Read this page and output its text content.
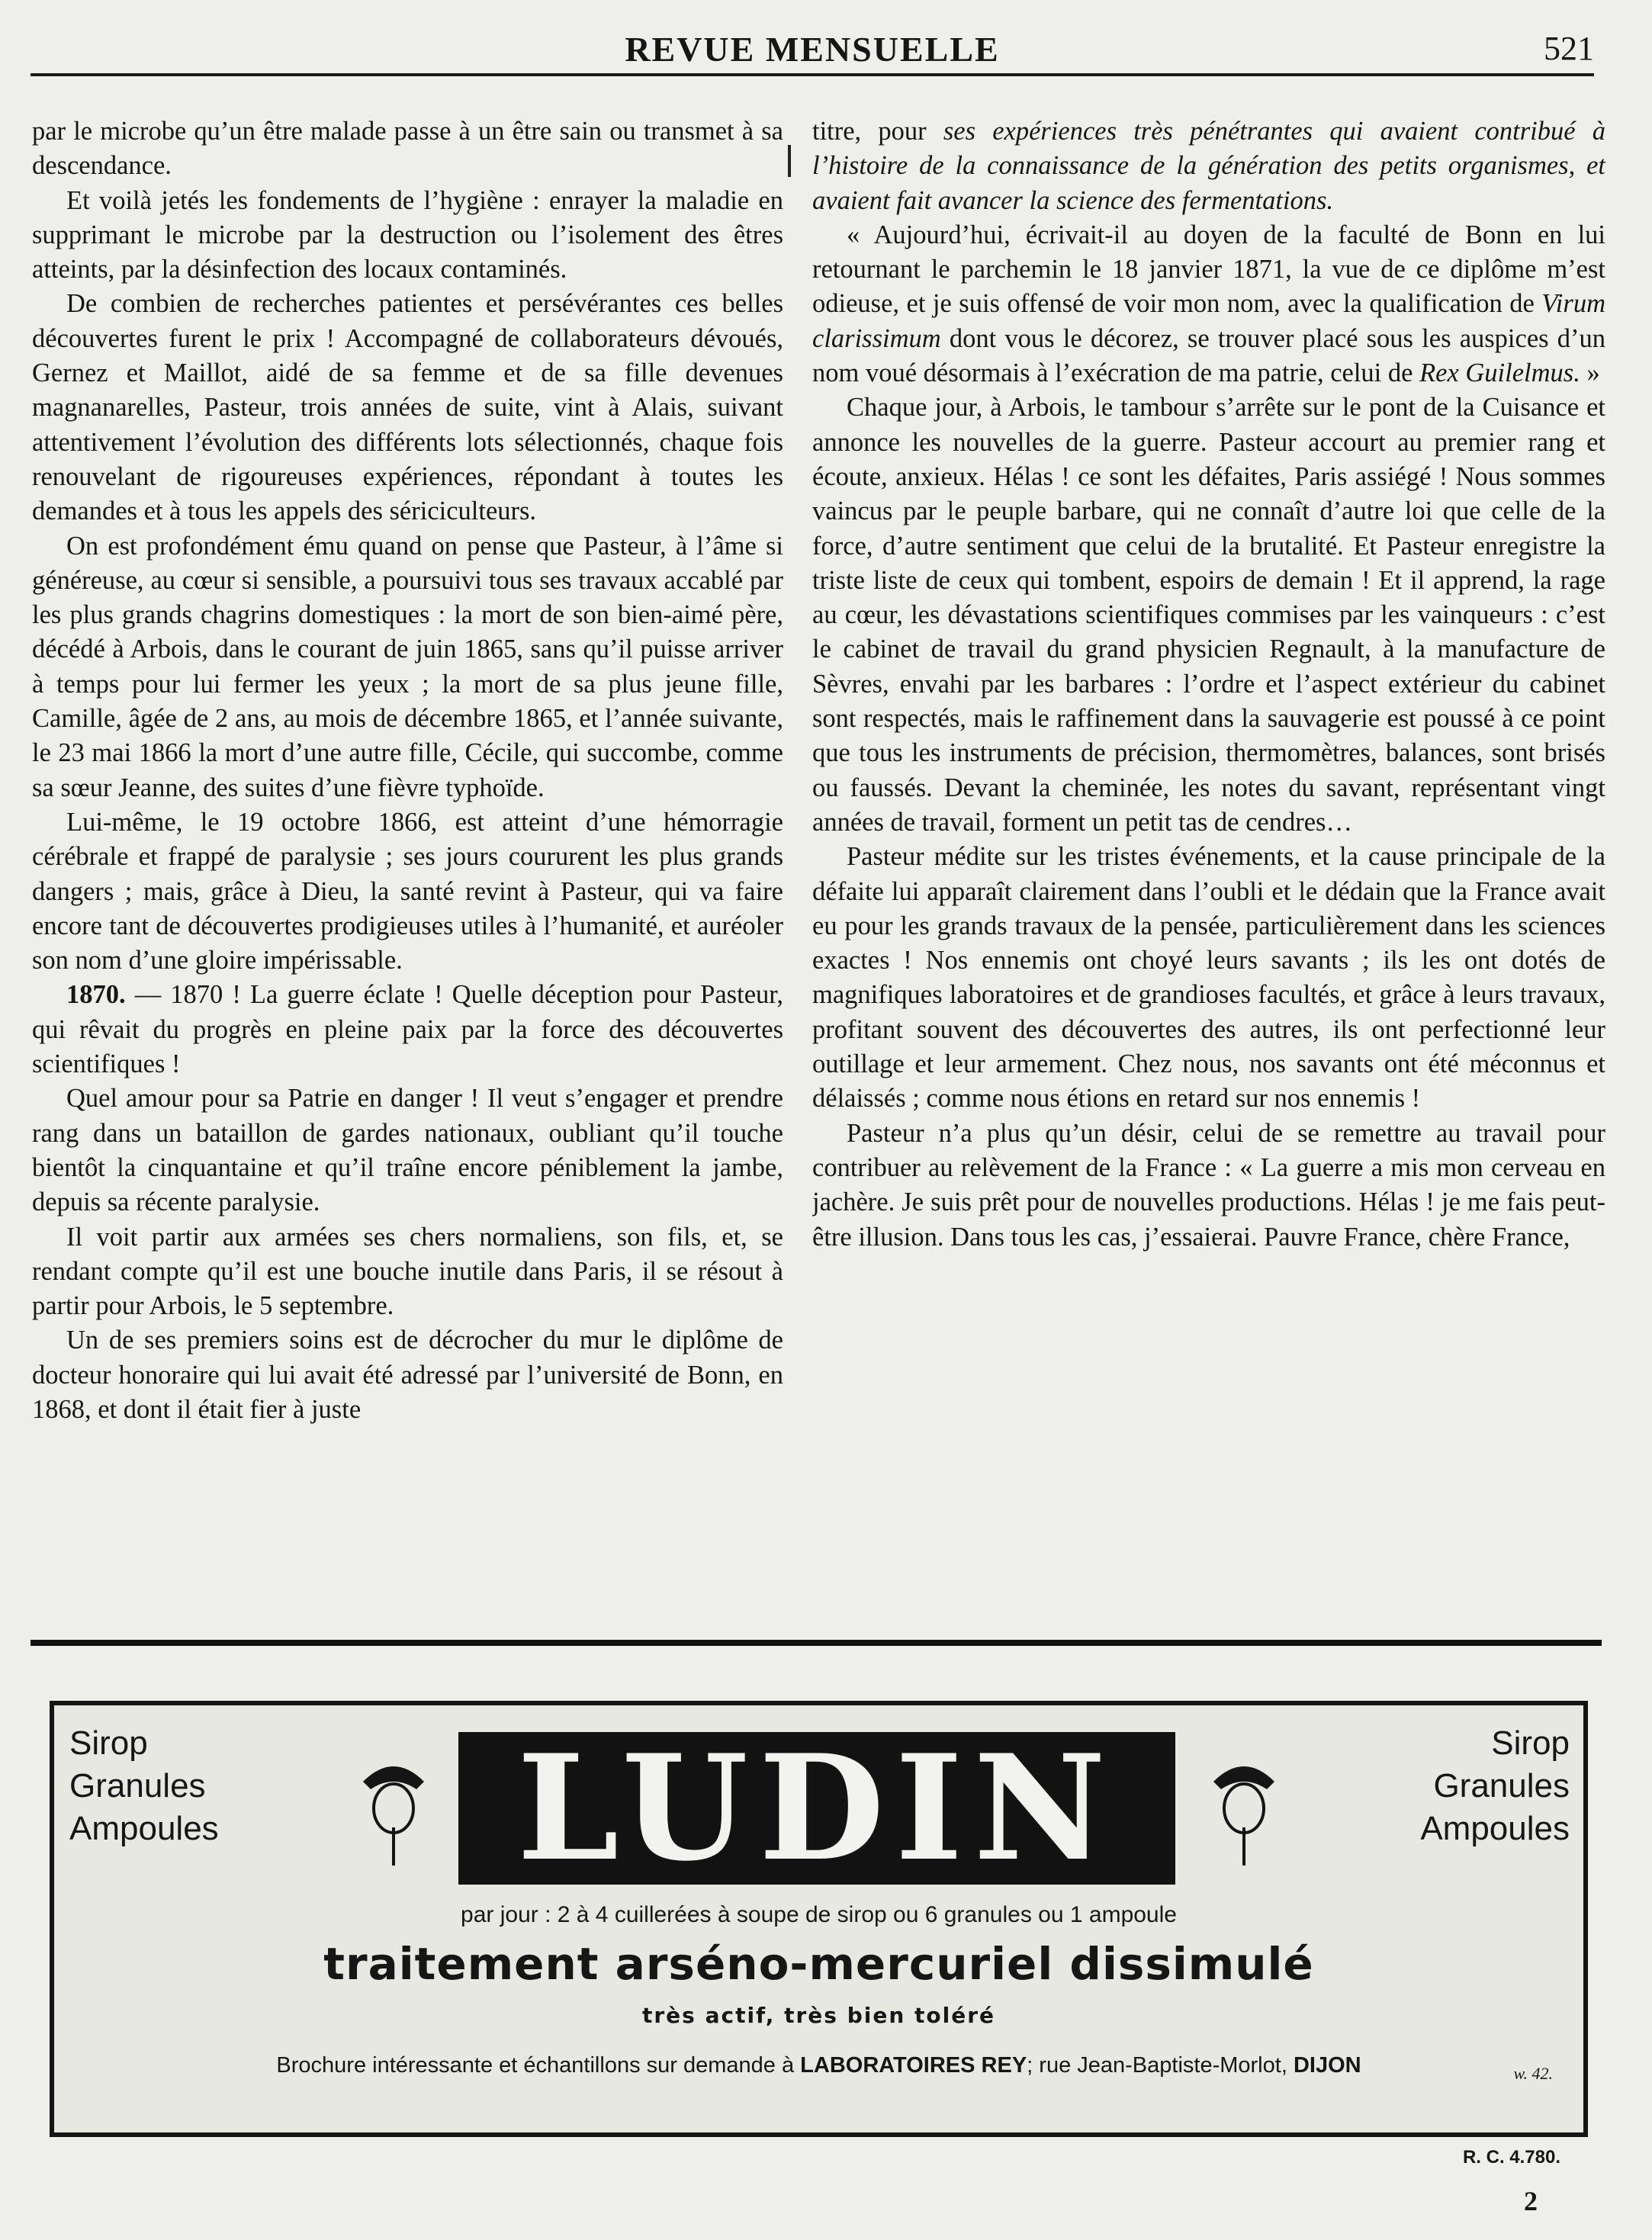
REVUE MENSUELLE	521

par le microbe qu’un être malade passe à un être sain ou transmet à sa descendance.

Et voilà jetés les fondements de l’hygiène : enrayer la maladie en supprimant le microbe par la destruction ou l’isolement des êtres atteints, par la désinfection des locaux contaminés.

De combien de recherches patientes et persévérantes ces belles découvertes furent le prix ! Accompagné de collaborateurs dévoués, Gernez et Maillot, aidé de sa femme et de sa fille devenues magnanarelles, Pasteur, trois années de suite, vint à Alais, suivant attentivement l’évolution des différents lots sélectionnés, chaque fois renouvelant de rigoureuses expériences, répondant à toutes les demandes et à tous les appels des sériciculteurs.

On est profondément ému quand on pense que Pasteur, à l’âme si généreuse, au cœur si sensible, a poursuivi tous ses travaux accablé par les plus grands chagrins domestiques : la mort de son bien-aimé père, décédé à Arbois, dans le courant de juin 1865, sans qu’il puisse arriver à temps pour lui fermer les yeux ; la mort de sa plus jeune fille, Camille, âgée de 2 ans, au mois de décembre 1865, et l’année suivante, le 23 mai 1866 la mort d’une autre fille, Cécile, qui succombe, comme sa sœur Jeanne, des suites d’une fièvre typhoïde.

Lui-même, le 19 octobre 1866, est atteint d’une hémorragie cérébrale et frappé de paralysie ; ses jours coururent les plus grands dangers ; mais, grâce à Dieu, la santé revint à Pasteur, qui va faire encore tant de découvertes prodigieuses utiles à l’humanité, et auréoler son nom d’une gloire impérissable.

1870. — 1870 ! La guerre éclate ! Quelle déception pour Pasteur, qui rêvait du progrès en pleine paix par la force des découvertes scientifiques !

Quel amour pour sa Patrie en danger ! Il veut s’engager et prendre rang dans un bataillon de gardes nationaux, oubliant qu’il touche bientôt la cinquantaine et qu’il traîne encore péniblement la jambe, depuis sa récente paralysie.

Il voit partir aux armées ses chers normaliens, son fils, et, se rendant compte qu’il est une bouche inutile dans Paris, il se résout à partir pour Arbois, le 5 septembre.

Un de ses premiers soins est de décrocher du mur le diplôme de docteur honoraire qui lui avait été adressé par l’université de Bonn, en 1868, et dont il était fier à juste

titre, pour ses expériences très pénétrantes qui avaient contribué à l’histoire de la connaissance de la génération des petits organismes, et avaient fait avancer la science des fermentations.

« Aujourd’hui, écrivait-il au doyen de la faculté de Bonn en lui retournant le parchemin le 18 janvier 1871, la vue de ce diplôme m’est odieuse, et je suis offensé de voir mon nom, avec la qualification de Virum clarissimum dont vous le décorez, se trouver placé sous les auspices d’un nom voué désormais à l’exécration de ma patrie, celui de Rex Guilelmus. »

Chaque jour, à Arbois, le tambour s’arrête sur le pont de la Cuisance et annonce les nouvelles de la guerre. Pasteur accourt au premier rang et écoute, anxieux. Hélas ! ce sont les défaites, Paris assiégé ! Nous sommes vaincus par le peuple barbare, qui ne connaît d’autre loi que celle de la force, d’autre sentiment que celui de la brutalité. Et Pasteur enregistre la triste liste de ceux qui tombent, espoirs de demain ! Et il apprend, la rage au cœur, les dévastations scientifiques commises par les vainqueurs : c’est le cabinet de travail du grand physicien Regnault, à la manufacture de Sèvres, envahi par les barbares : l’ordre et l’aspect extérieur du cabinet sont respectés, mais le raffinement dans la sauvagerie est poussé à ce point que tous les instruments de précision, thermomètres, balances, sont brisés ou faussés. Devant la cheminée, les notes du savant, représentant vingt années de travail, forment un petit tas de cendres…

Pasteur médite sur les tristes événements, et la cause principale de la défaite lui apparaît clairement dans l’oubli et le dédain que la France avait eu pour les grands travaux de la pensée, particulièrement dans les sciences exactes ! Nos ennemis ont choyé leurs savants ; ils les ont dotés de magnifiques laboratoires et de grandioses facultés, et grâce à leurs travaux, profitant souvent des découvertes des autres, ils ont perfectionné leur outillage et leur armement. Chez nous, nos savants ont été méconnus et délaissés ; comme nous étions en retard sur nos ennemis !

Pasteur n’a plus qu’un désir, celui de se remettre au travail pour contribuer au relèvement de la France : « La guerre a mis mon cerveau en jachère. Je suis prêt pour de nouvelles productions. Hélas ! je me fais peut-être illusion. Dans tous les cas, j’essaierai. Pauvre France, chère France,

Sirop
Granules
Ampoules	LUDIN	Sirop
Granules
Ampoules
par jour : 2 à 4 cuillerées à soupe de sirop ou 6 granules ou 1 ampoule
traitement arséno-mercuriel dissimulé
très actif, très bien toléré
Brochure intéressante et échantillons sur demande à LABORATOIRES REY; rue Jean-Baptiste-Morlot, DIJON	w. 42.
R. C. 4.780.
2
